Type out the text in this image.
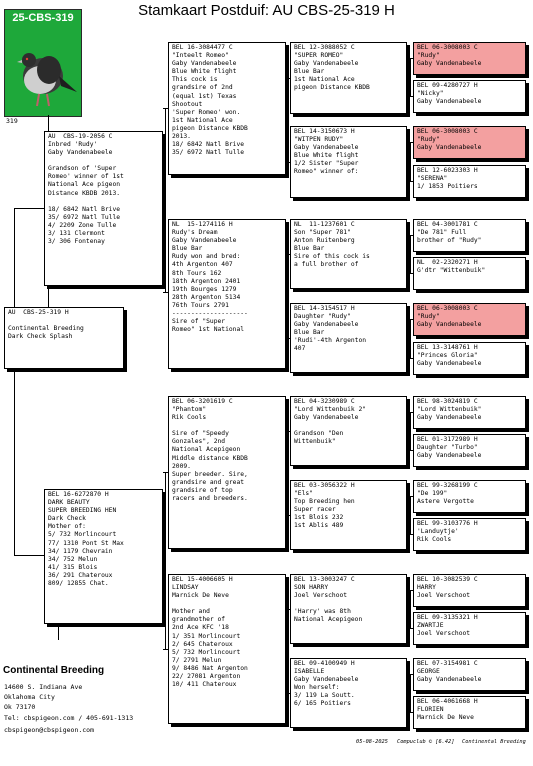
Stamkaart Postduif: AU CBS-25-319 H
25-CBS-319
319
AU  CBS-25-319 H
Continental Breeding
Dark Check Splash
AU  CBS-19-2056 C
Inbred 'Rudy'
Gaby Vandenabeele
Grandson of 'Super
Romeo' winner of 1st
National Ace pigeon
Distance KBDB 2013.
18/ 6842 Natl Brive
35/ 6972 Natl Tulle
4/ 2209 Zone Tulle
3/ 131 Clermont
3/ 306 Fontenay
BEL 16-6272870 H
DARK BEAUTY
SUPER BREEDING HEN
Dark Check
Mother of:
5/ 732 Morlincourt
77/ 1310 Pont St Max
34/ 1179 Chevrain
34/ 752 Melun
41/ 315 Blois
36/ 291 Chateroux
809/ 12855 Chat.
BEL 16-3084477 C
"Inteelt Romeo"
Gaby Vandenabeele
Blue White flight
This cock is
grandsire of 2nd
(equal 1st) Texas
Shootout
'Super Romeo' won.
1st National Ace
pigeon Distance KBDB
2013.
18/ 6842 Natl Brive
35/ 6972 Natl Tulle
NL  15-1274116 H
Rudy's Dream
Gaby Vandenabeele
Blue Bar
Rudy won and bred:
4th Argenton 407
8th Tours 162
18th Argenton 2401
19th Bourges 1279
28th Argenton 5134
76th Tours 2791
--------------------
Sire of "Super
Romeo" 1st National
BEL 06-3201619 C
"Phantom"
Rik Cools
Sire of "Speedy
Gonzales", 2nd
National Acepigeon
Middle distance KBDB
2009.
Super breeder. Sire,
grandsire and great
grandsire of top
racers and breeders.
BEL 15-4006605 H
LINDSAY
Marnick De Neve
Mother and
grandmother of
2nd Ace KFC '18
1/ 351 Morlincourt
2/ 645 Chateroux
5/ 732 Morlincourt
7/ 2791 Melun
9/ 8486 Nat Argenton
22/ 27081 Argenton
10/ 411 Chateroux
BEL 12-3088052 C
"SUPER ROMEO"
Gaby Vandenabeele
Blue Bar
1st National Ace
pigeon Distance KBDB
BEL 14-3150673 H
"WITPEN RUDY"
Gaby Vandenabeele
Blue White flight
1/2 Sister "Super
Romeo" winner of:
NL  11-1237601 C
Son "Super 781"
Anton Ruitenberg
Blue Bar
Sire of this cock is
a full brother of
BEL 14-3154517 H
Daughter "Rudy"
Gaby Vandenabeele
Blue Bar
'Rudi'-4th Argenton
407
BEL 04-3230989 C
"Lord Wittenbuik 2"
Gaby Vandenabeele
Grandson "Den
Wittenbuik"
BEL 03-3056322 H
"Els"
Top Breeding hen
Super racer
1st Blois 232
1st Ablis 489
BEL 13-3003247 C
SON HARRY
Joel Verschoot
'Harry' was 8th
National Acepigeon
BEL 09-4100949 H
ISABELLE
Gaby Vandenabeele
Won herself:
3/ 119 La Soutt.
6/ 165 Poitiers
BEL 06-3008003 C
"Rudy"
Gaby Vandenabeele
BEL 09-4280727 H
"Nicky"
Gaby Vandenabeele
BEL 06-3008003 C
"Rudy"
Gaby Vandenabeele
BEL 12-6023303 H
"SERENA"
1/ 1853 Poitiers
BEL 04-3001781 C
"De 781" Full
brother of "Rudy"
NL  02-2320271 H
G'dtr "Wittenbuik"
BEL 06-3008003 C
"Rudy"
Gaby Vandenabeele
BEL 13-3148761 H
"Princes Gloria"
Gaby Vandenabeele
BEL 98-3024819 C
"Lord Wittenbuik"
Gaby Vandenabeele
BEL 01-3172989 H
Daughter "Turbo"
Gaby Vandenabeele
BEL 99-3268199 C
"De 199"
Astere Vergotte
BEL 99-3103776 H
'Landuytje'
Rik Cools
BEL 10-3082539 C
HARRY
Joel Verschoot
BEL 09-3135321 H
ZWARTJE
Joel Verschoot
BEL 07-3154981 C
GEORGE
Gaby Vandenabeele
BEL 06-4061668 H
FLORIEN
Marnick De Neve
Continental Breeding
14600 S. Indiana Ave
Oklahoma City
Ok 73170
Tel: cbspigeon.com / 405-691-1313
cbspigeon@cbspigeon.com
05-08-2025 Compuclub © [6.42] Continental Breeding
